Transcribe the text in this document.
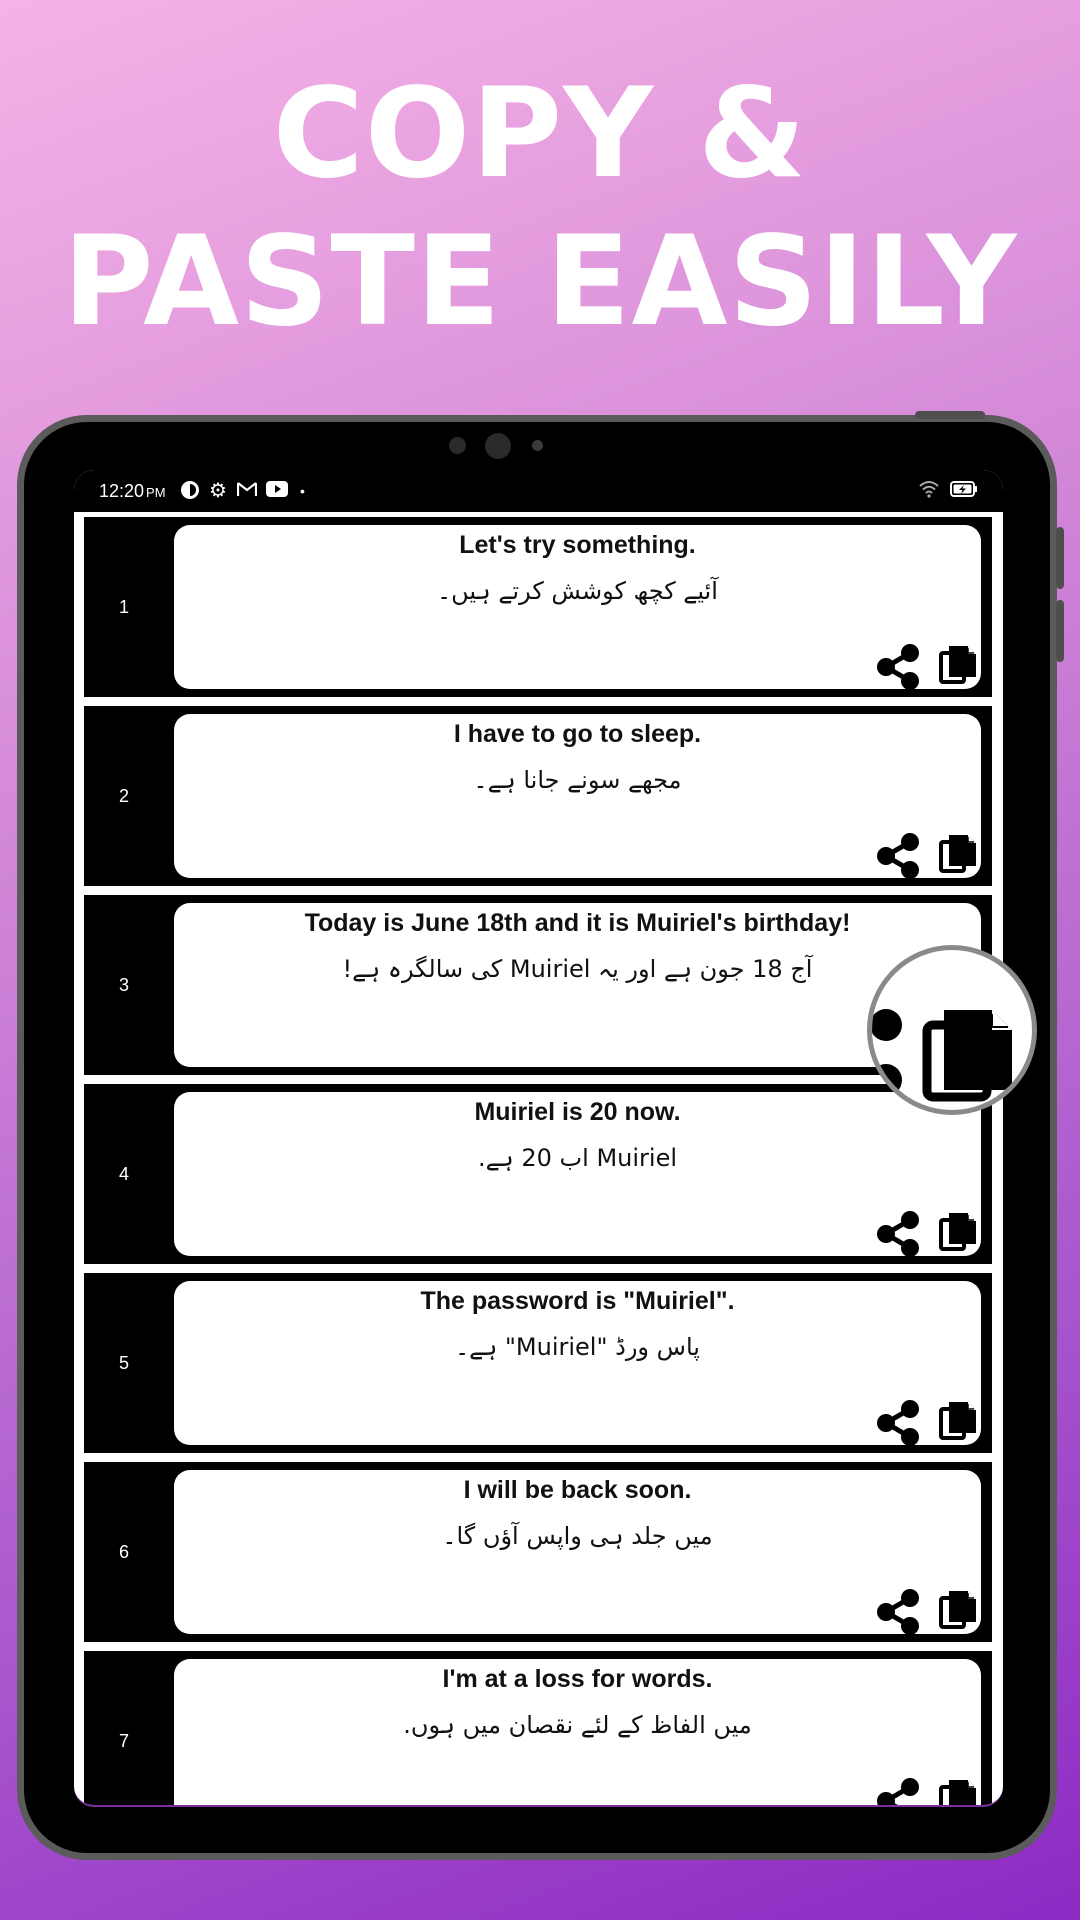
COPY &
PASTE EASILY
12:20 PM ⚙	•
1
Let's try something.
آئیے کچھ کوشش کرتے ہیں۔
2
I have to go to sleep.
مجھے سونے جانا ہے۔
3
Today is June 18th and it is Muiriel's birthday!
آج 18 جون ہے اور یہ Muiriel کی سالگرہ ہے!
4
Muiriel is 20 now.
Muiriel اب 20 ہے.
5
The password is "Muiriel".
پاس ورڈ "Muiriel" ہے۔
6
I will be back soon.
میں جلد ہی واپس آؤں گا۔
7
I'm at a loss for words.
میں الفاظ کے لئے نقصان میں ہوں.
